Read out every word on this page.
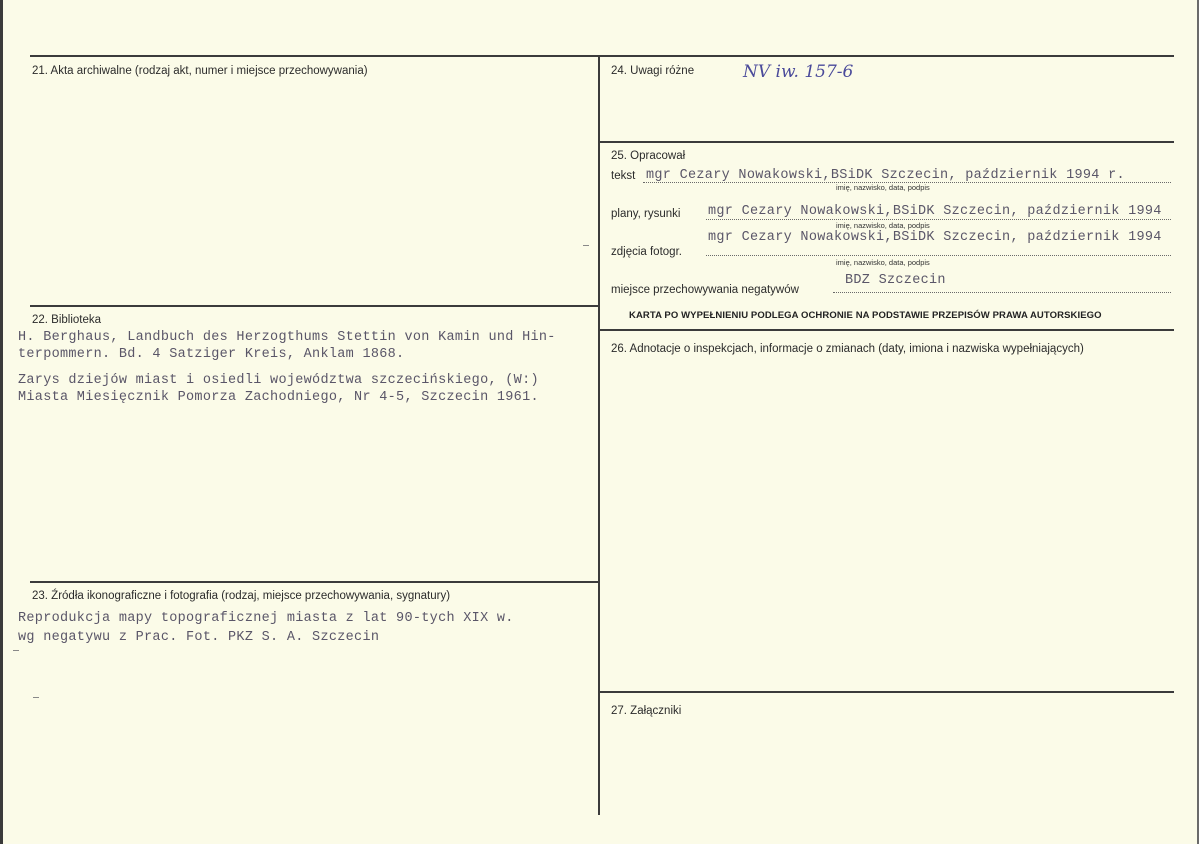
21. Akta archiwalne (rodzaj akt, numer i miejsce przechowywania)
22. Biblioteka
H. Berghaus, Landbuch des Herzogthums Stettin von Kamin und Hin-
terpommern. Bd. 4 Satziger Kreis, Anklam 1868.
Zarys dziejów miast i osiedli województwa szczecińskiego, (W:)
Miasta Miesięcznik Pomorza Zachodniego, Nr 4-5, Szczecin 1961.
23. Źródła ikonograficzne i fotografia (rodzaj, miejsce przechowywania, sygnatury)
Reprodukcja mapy topograficznej miasta z lat 90-tych XIX w.
wg negatywu z Prac. Fot. PKZ S. A. Szczecin
24. Uwagi różne	NV iw. 157-6
25. Opracował
tekst mgr Cezary Nowakowski,BSiDK Szczecin, październik 1994 r.
imię, nazwisko, data, podpis
plany, rysunki mgr Cezary Nowakowski,BSiDK Szczecin, październik 1994
imię, nazwisko, data, podpis
mgr Cezary Nowakowski,BSiDK Szczecin, październik 1994
zdjęcia fotogr.
imię, nazwisko, data, podpis
miejsce przechowywania negatywów
BDZ Szczecin
KARTA PO WYPEŁNIENIU PODLEGA OCHRONIE NA PODSTAWIE PRZEPISÓW PRAWA AUTORSKIEGO
26. Adnotacje o inspekcjach, informacje o zmianach (daty, imiona i nazwiska wypełniających)
27. Załączniki
